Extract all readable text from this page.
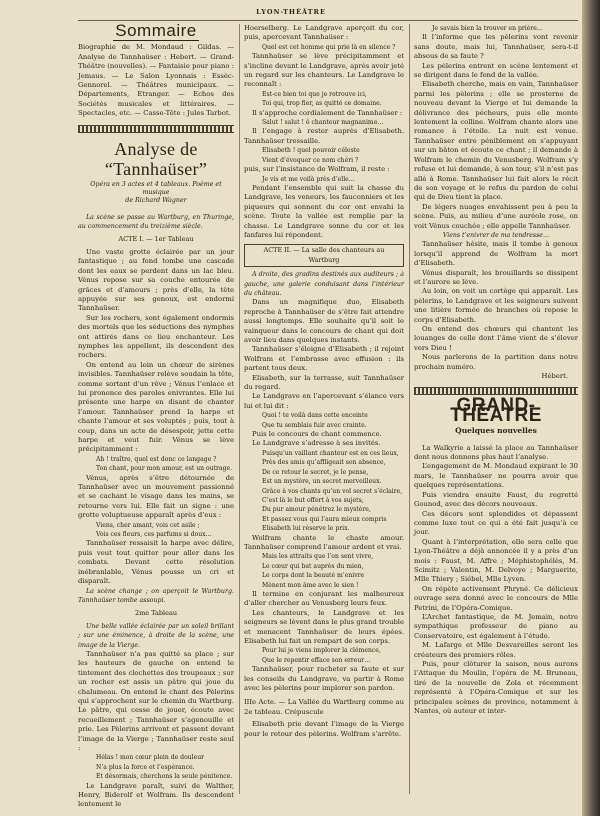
LYON-THÉÂTRE
Sommaire

Biographie de M. Mondaud : Gildas. — Analyse de Tannhaüser : Hebert. — Grand-Théâtre (nouvelles). — Fantaisie pour piano : Jemaus. — Le Salon Lyonnais : Essèc-Gennorel. — Théâtres municipaux. — Départements, Etranger. — Echos des Sociétés musicales et littéraires. — Spectacles, etc. — Casse-Tête : Jules Tarbot.

Analyse de “Tannhaüser”
Opéra en 3 actes et 4 tableaux. Poème et musique
de Richard Wagner

La scène se passe au Wartburg, en Thuringe, au commencement du treizième siècle.

ACTE I. — 1er Tableau

Une vaste grotte éclairée par un jour fantastique ; au fond tombe une cascade dont les eaux se perdent dans un lac bleu. Vénus repose sur sa couche entourée de grâces et d’amours ; près d’elle, la tête appuyée sur ses genoux, est endormi Tannhaüser.

Sur les rochers, sont également endormis des mortels que les séductions des nymphes ont attirés dans ce lieu enchanteur. Les nymphes les appellent, ils descendent des rochers.

On entend au loin un chœur de sirènes invisibles. Tannhaüser relève soudain la tête, comme sortant d’un rêve ; Vénus l’enlace et lui prononce des paroles enivrantes. Elle lui présente une harpe en disant de chanter l’amour. Tannhaüser prend la harpe et chante l’amour et ses voluptés ; puis, tout à coup, dans un acte de désespoir, jette cette harpe et veut fuir. Vénus se lève précipitamment :

Ah ! traître, quel est donc ce langage ?

Ton chant, pour mon amour, est un outrage.

Vénus, après s’être détournée de Tannhaüser avec un mouvement passionné et se cachant le visage dans les mains, se retourne vers lui. Elle fait un signe : une grotte voluptueuse apparaît après d’eux :

Viens, cher amant, vois cet asile ;

Vois ces fleurs, ces parfums si doux…

Tannhaüser ressaisit la harpe avec délire, puis veut tout quitter pour aller dans les combats. Devant cette résolution inébranlable, Vénus pousse un cri et disparaît.

La scène change ; on aperçoit le Wartburg. Tannhaüser tombe assoupi.

2me Tableau

Une belle vallée éclairée par un soleil brillant ; sur une éminence, à droite de la scène, une image de la Vierge.

Tannhaüser n’a pas quitté sa place ; sur les hauteurs de gauche on entend le tintement des clochettes des troupeaux ; sur un rocher est assis un pâtre qui joue du chalumeau. On entend le chant des Pèlerins qui s’approchent sur le chemin du Wartburg. Le pâtre, qui cesse de jouer, écoute avec recueillement ; Tannhaüser s’agenouille et prie. Les Pèlerins arrivent et passent devant l’image de la Vierge ; Tannhaüser reste seul :

Hélas ! mon cœur plein de douleur

N’a plus la force et l’espérance.

Et désormais, cherchons la seule pénitence.

Le Landgrave paraît, suivi de Walther, Henry, Biderolf et Wolfram. Ils descendent lentement le

Hoerselberg. Le Landgrave aperçoit du cor, puis, apercevant Tannhaüser :

Quel est cet homme qui prie là en silence ?

Tannhaüser se lève précipitamment et s’incline devant le Landgrave, après avoir jeté un regard sur les chanteurs. Le Landgrave le reconnaît :

Est-ce bien toi que je retrouve ici,

Toi qui, trop fier, as quitté ce domaine.

Il s’approche cordialement de Tannhaüser :

Salut ! salut ! ô chanteur magnanime…

Il l’engage à rester auprès d’Elisabeth. Tannhaüser tressaille.

Elisabeth ! quel pouvoir céleste

Vient d’évoquer ce nom chéri ?

puis, sur l’insistance de Wolfram, il reste :

Je vis et me voilà près d’elle…

Pendant l’ensemble qui suit la chasse du Landgrave, les veneurs, les fauconniers et les piqueurs qui sonnent du cor ont envahi la scène. Toute la vallée est remplie par la chasse. Le Landgrave sonne du cor et les fanfares lui répondent.

ACTE II. — La salle des chanteurs au Wartburg

A droite, des gradins destinés aux auditeurs ; à gauche, une galerie conduisant dans l’intérieur du château.

Dans un magnifique duo, Elisabeth reproche à Tannhaüser de s’être fait attendre aussi longtemps. Elle souhaite qu’il soit le vainqueur dans le concours de chant qui doit avoir lieu dans quelques instants.

Tannhaüser s’éloigne d’Elisabeth ; il rejoint Wolfram et l’embrasse avec effusion : ils partent tous deux.

Elisabeth, sur la terrasse, suit Tannhaüser du regard.

Le Landgrave en l’apercevant s’élance vers lui et lui dit :

Quoi ! te voilà dans cette enceinte

Que tu semblais fuir avec crainte.

Puis le concours de chant commence.

Le Landgrave s’adresse à ses invités.

Puisqu’un vaillant chanteur est en ces lieux,

Près des amis qu’affligeait son absence,

De ce retour le secret, je le pense,

Est un mystère, un secret merveilleux.

Grâce à vos chants qu’un vol secret s’éclaire,

C’est là le but offert à vos sujets,

Du pur amour pénétrez le mystère,

Et passez vous qui l’aura mieux compris

Elisabeth lui réserve le prix.

Wolfram chante le chaste amour. Tannhaüser comprend l’amour ardent et vrai.

Mais les attraits que l’on sent vivre,

Le cœur qui bat auprès du mien,

Le corps dont la beauté m’enivre

Mènent mon âme avec le sien !

Il termine en conjurant les malheureux d’aller chercher au Venusberg leurs feux.

Les chanteurs, le Landgrave et les seigneurs se lèvent dans le plus grand trouble et menacent Tannhaüser de leurs épées. Elisabeth lui fait un rempart de son corps.

Pour lui je viens implorer la clémence,

Que le repentir efface son erreur…

Tannhaüser, pour racheter sa faute et sur les conseils du Landgrave, va partir à Rome avec les pèlerins pour implorer son pardon.

IIIe Acte. — La Vallée du Wartburg comme au 2e tableau. Crépuscule

Elisabeth prie devant l’image de la Vierge pour le retour des pèlerins. Wolfram s’arrête.

Je savais bien la trouver en prière…

Il l’informe que les pèlerins vont revenir sans doute, mais lui, Tannhaüser, sera-t-il absous de sa faute ?

Les pèlerins entrent en scène lentement et se dirigent dans le fond de la vallée.

Elisabeth cherche, mais en vain, Tannhaüser parmi les pèlerins ; elle se prosterne de nouveau devant la Vierge et lui demande la délivrance des pécheurs, puis elle monte lentement la colline. Wolfram chante alors une romance à l’étoile. La nuit est venue. Tannhaüser entre péniblement en s’appuyant sur un bâton et écoute ce chant ; il demande à Wolfram le chemin du Venusberg. Wolfram s’y refuse et lui demande, à son tour, s’il n’est pas allé à Rome. Tannhaüser lui fait alors le récit de son voyage et le refus du pardon de celui qui de Dieu tient la place.

De légers nuages envahissent peu à peu la scène. Puis, au milieu d’une auréole rose, on voit Vénus couchée ; elle appelle Tannhaüser.

Viens t’enivrer de ma tendresse…

Tannhaüser hésite, mais il tombe à genoux lorsqu’il apprend de Wolfram la mort d’Elisabeth.

Vénus disparaît, les brouillards se dissipent et l’aurore se lève.

Au loin, on voit un cortège qui apparaît. Les pèlerins, le Landgrave et les seigneurs suivent une litière formée de branches où repose le corps d’Elisabeth.

On entend des chœurs qui chantent les louanges de celle dont l’âme vient de s’élever vers Dieu !

Nous parlerons de la partition dans notre prochain numéro.

Hébert.

GRAND-THÉATRE
Quelques nouvelles

La Walkyrie a laissé la place au Tannhaüser dont nous donnons plus haut l’analyse.

L’engagement de M. Mondaud expirant le 30 mars, le Tannhaüser ne pourra avoir que quelques représentations.

Puis viendra ensuite Faust, du regretté Gounod, avec des décors nouveaux.

Ces décors sont splendides et dépassent comme luxe tout ce qui a été fait jusqu’à ce jour.

Quant à l’interprétation, elle sera celle que Lyon-Théâtre a déjà annoncée il y a près d’un mois : Faust, M. Affre ; Méphistophélès, M. Scimitz ; Valentin, M. Delvoye ; Marguerite, Mlle Thiery ; Siébel, Mlle Lyven.

On répète activement Phryné. Ce délicieux ouvrage sera donné avec le concours de Mlle Petrini, de l’Opéra-Comique.

L’Archet fantastique, de M. Jemain, notre sympathique professeur de piano au Conservatoire, est également à l’étude.

M. Lafarge et Mlle Desvareilles seront les créateurs des premiers rôles.

Puis, pour clôturer la saison, nous aurons l’Attaque du Moulin, l’opéra de M. Bruneau, tiré de la nouvelle de Zola et récemment représenté à l’Opéra-Comique et sur les principales scènes de province, notamment à Nantes, où auteur et inter-
